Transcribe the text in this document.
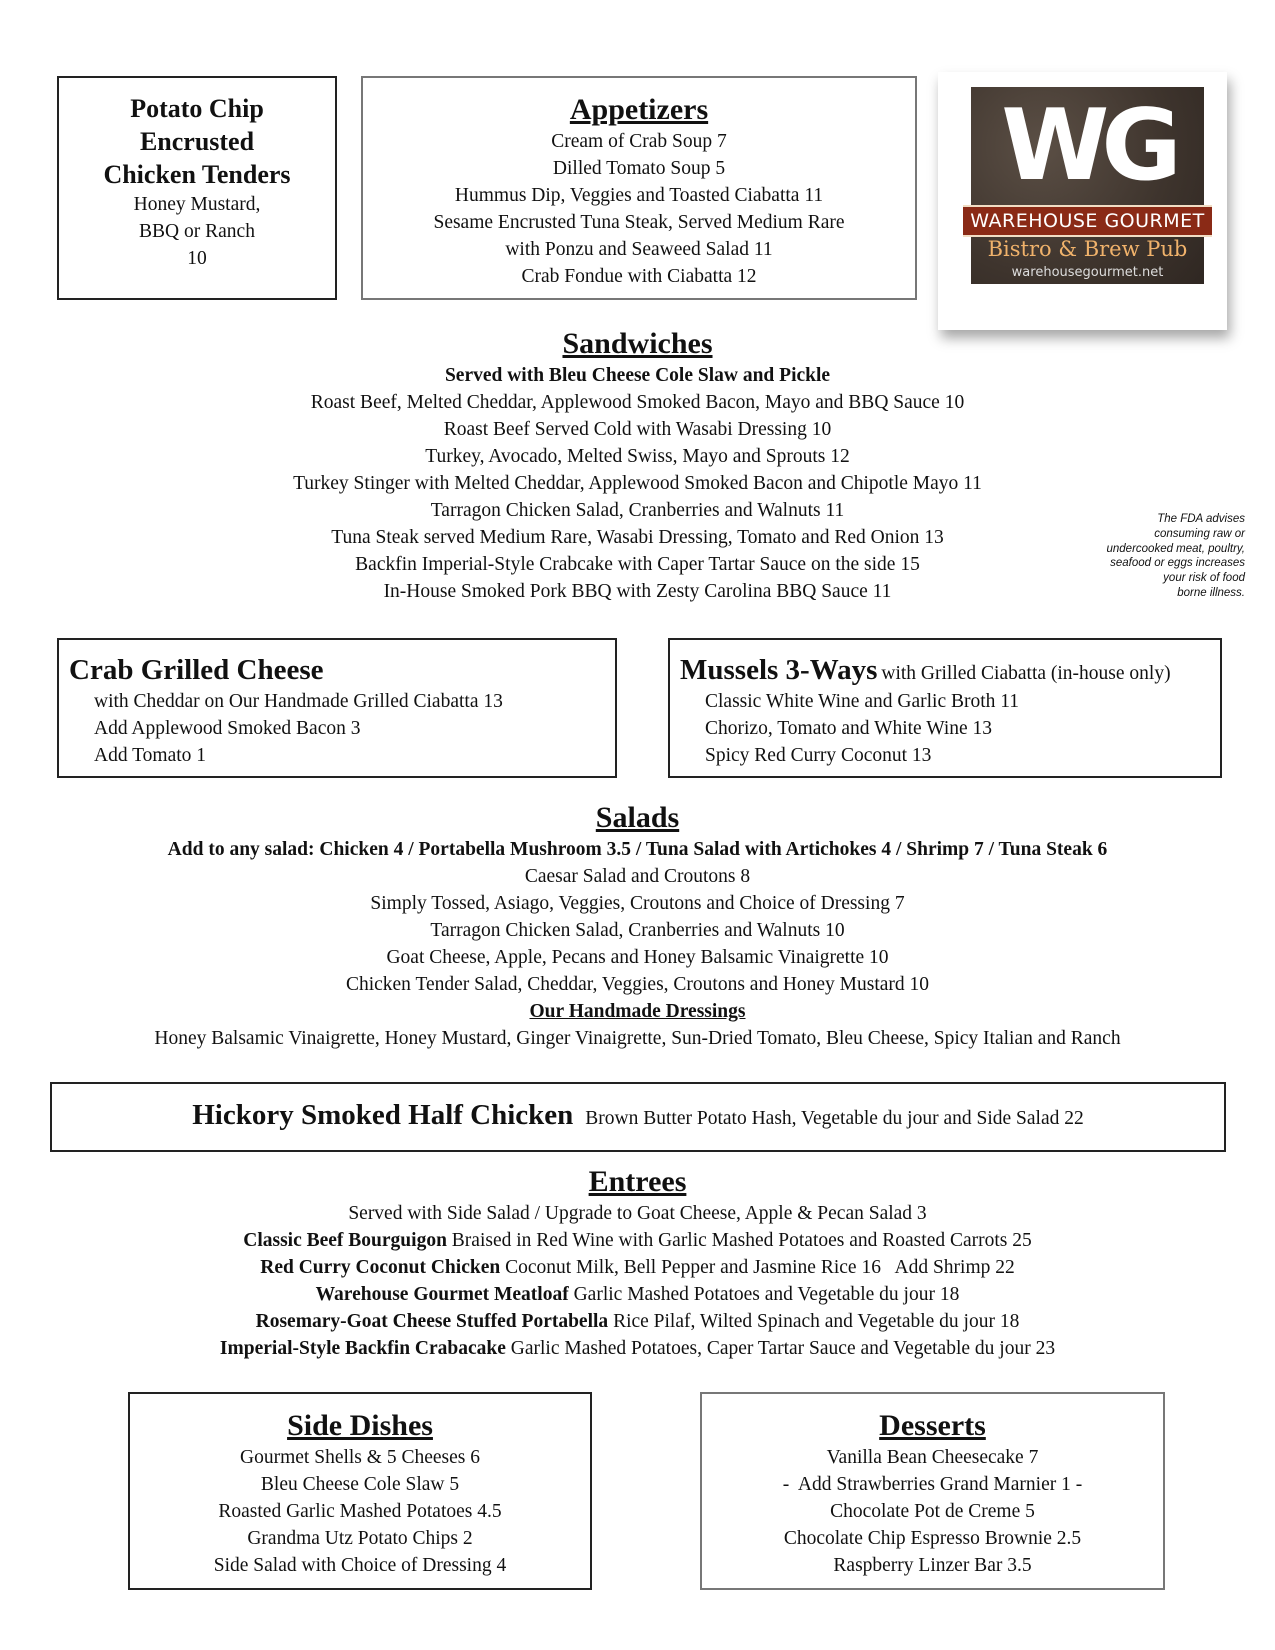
Potato Chip
Encrusted
Chicken Tenders
Honey Mustard,
BBQ or Ranch
10
Appetizers
Cream of Crab Soup 7
Dilled Tomato Soup 5
Hummus Dip, Veggies and Toasted Ciabatta 11
Sesame Encrusted Tuna Steak, Served Medium Rare
with Ponzu and Seaweed Salad 11
Crab Fondue with Ciabatta 12
WG
WAREHOUSE GOURMET
Bistro & Brew Pub
warehousegourmet.net
Sandwiches
Served with Bleu Cheese Cole Slaw and Pickle
Roast Beef, Melted Cheddar, Applewood Smoked Bacon, Mayo and BBQ Sauce 10
Roast Beef Served Cold with Wasabi Dressing 10
Turkey, Avocado, Melted Swiss, Mayo and Sprouts 12
Turkey Stinger with Melted Cheddar, Applewood Smoked Bacon and Chipotle Mayo 11
Tarragon Chicken Salad, Cranberries and Walnuts 11
Tuna Steak served Medium Rare, Wasabi Dressing, Tomato and Red Onion 13
Backfin Imperial-Style Crabcake with Caper Tartar Sauce on the side 15
In-House Smoked Pork BBQ with Zesty Carolina BBQ Sauce 11
The FDA advises
consuming raw or
undercooked meat, poultry,
seafood or eggs increases
your risk of food
borne illness.
Crab Grilled Cheese
with Cheddar on Our Handmade Grilled Ciabatta 13
Add Applewood Smoked Bacon 3
Add Tomato 1
Mussels 3-Ways with Grilled Ciabatta (in-house only)
Classic White Wine and Garlic Broth 11
Chorizo, Tomato and White Wine 13
Spicy Red Curry Coconut 13
Salads
Add to any salad: Chicken 4 / Portabella Mushroom 3.5 / Tuna Salad with Artichokes 4 / Shrimp 7 / Tuna Steak 6
Caesar Salad and Croutons 8
Simply Tossed, Asiago, Veggies, Croutons and Choice of Dressing 7
Tarragon Chicken Salad, Cranberries and Walnuts 10
Goat Cheese, Apple, Pecans and Honey Balsamic Vinaigrette 10
Chicken Tender Salad, Cheddar, Veggies, Croutons and Honey Mustard 10
Our Handmade Dressings
Honey Balsamic Vinaigrette, Honey Mustard, Ginger Vinaigrette, Sun-Dried Tomato, Bleu Cheese, Spicy Italian and Ranch
Hickory Smoked Half Chicken Brown Butter Potato Hash, Vegetable du jour and Side Salad 22
Entrees
Served with Side Salad / Upgrade to Goat Cheese, Apple & Pecan Salad 3
Classic Beef Bourguigon Braised in Red Wine with Garlic Mashed Potatoes and Roasted Carrots 25
Red Curry Coconut Chicken Coconut Milk, Bell Pepper and Jasmine Rice 16   Add Shrimp 22
Warehouse Gourmet Meatloaf Garlic Mashed Potatoes and Vegetable du jour 18
Rosemary-Goat Cheese Stuffed Portabella Rice Pilaf, Wilted Spinach and Vegetable du jour 18
Imperial-Style Backfin Crabacake Garlic Mashed Potatoes, Caper Tartar Sauce and Vegetable du jour 23
Side Dishes
Gourmet Shells & 5 Cheeses 6
Bleu Cheese Cole Slaw 5
Roasted Garlic Mashed Potatoes 4.5
Grandma Utz Potato Chips 2
Side Salad with Choice of Dressing 4
Desserts
Vanilla Bean Cheesecake 7
-  Add Strawberries Grand Marnier 1 -
Chocolate Pot de Creme 5
Chocolate Chip Espresso Brownie 2.5
Raspberry Linzer Bar 3.5
